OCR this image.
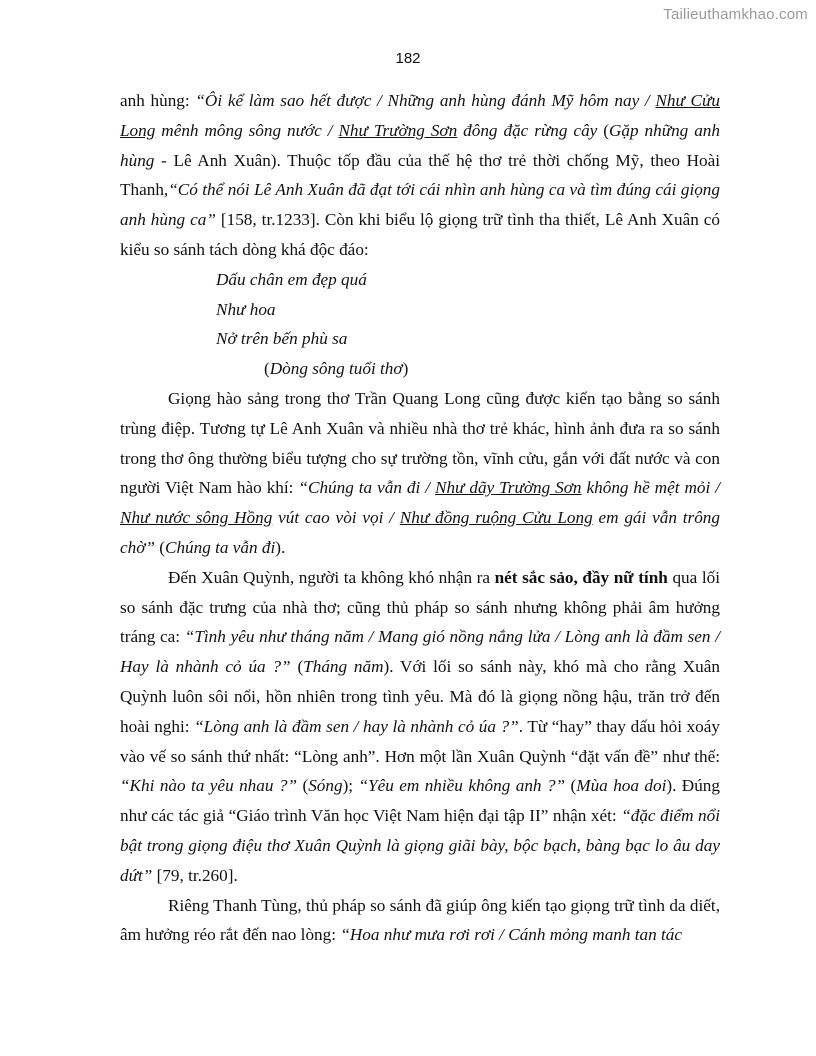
Tailieuthamkhao.com
182

anh hùng: “Ôi kể làm sao hết được / Những anh hùng đánh Mỹ hôm nay / Như Cửu Long mênh mông sông nước / Như Trường Sơn đông đặc rừng cây (Gặp những anh hùng - Lê Anh Xuân). Thuộc tốp đầu của thế hệ thơ trẻ thời chống Mỹ, theo Hoài Thanh,“Có thể nói Lê Anh Xuân đã đạt tới cái nhìn anh hùng ca và tìm đúng cái giọng anh hùng ca” [158, tr.1233]. Còn khi biểu lộ giọng trữ tình tha thiết, Lê Anh Xuân có kiểu so sánh tách dòng khá độc đáo:

Dấu chân em đẹp quá

Như hoa

Nở trên bến phù sa

(Dòng sông tuổi thơ)

Giọng hào sảng trong thơ Trần Quang Long cũng được kiến tạo bằng so sánh trùng điệp. Tương tự Lê Anh Xuân và nhiều nhà thơ trẻ khác, hình ảnh đưa ra so sánh trong thơ ông thường biểu tượng cho sự trường tồn, vĩnh cửu, gắn với đất nước và con người Việt Nam hào khí: “Chúng ta vẫn đi / Như dãy Trường Sơn không hề mệt mỏi / Như nước sông Hồng vút cao vòi vọi / Như đồng ruộng Cửu Long em gái vẫn trông chờ” (Chúng ta vẫn đi).

Đến Xuân Quỳnh, người ta không khó nhận ra nét sắc sảo, đầy nữ tính qua lối so sánh đặc trưng của nhà thơ; cũng thủ pháp so sánh nhưng không phải âm hưởng tráng ca: “Tình yêu như tháng năm / Mang gió nồng nắng lửa / Lòng anh là đầm sen / Hay là nhành cỏ úa ?” (Tháng năm). Với lối so sánh này, khó mà cho rằng Xuân Quỳnh luôn sôi nổi, hồn nhiên trong tình yêu. Mà đó là giọng nồng hậu, trăn trở đến hoài nghi: “Lòng anh là đầm sen / hay là nhành cỏ úa ?”. Từ “hay” thay dấu hỏi xoáy vào vế so sánh thứ nhất: “Lòng anh”. Hơn một lần Xuân Quỳnh “đặt vấn đề” như thế: “Khi nào ta yêu nhau ?” (Sóng); “Yêu em nhiều không anh ?” (Mùa hoa doi). Đúng như các tác giả “Giáo trình Văn học Việt Nam hiện đại tập II” nhận xét: “đặc điểm nổi bật trong giọng điệu thơ Xuân Quỳnh là giọng giãi bày, bộc bạch, bàng bạc lo âu day dứt” [79, tr.260].

Riêng Thanh Tùng, thủ pháp so sánh đã giúp ông kiến tạo giọng trữ tình da diết, âm hưởng réo rắt đến nao lòng: “Hoa như mưa rơi rơi / Cánh mỏng manh tan tác
